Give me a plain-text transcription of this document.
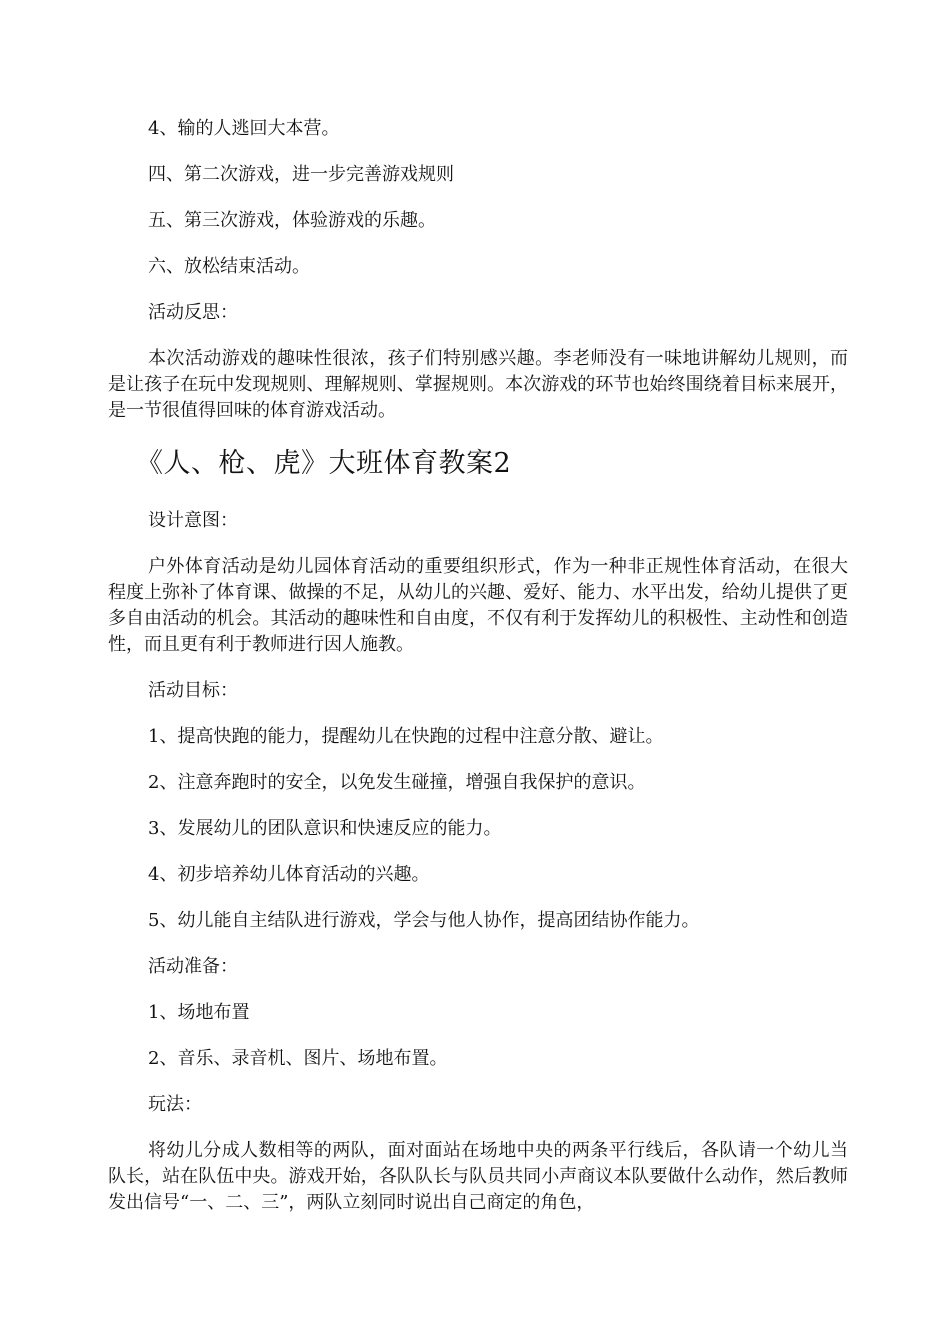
4、输的人逃回大本营。

四、第二次游戏，进一步完善游戏规则

五、第三次游戏，体验游戏的乐趣。

六、放松结束活动。

活动反思：

本次活动游戏的趣味性很浓，孩子们特别感兴趣。李老师没有一味地讲解幼儿规则，而是让孩子在玩中发现规则、理解规则、掌握规则。本次游戏的环节也始终围绕着目标来展开，是一节很值得回味的体育游戏活动。

《人、枪、虎》大班体育教案2

设计意图：

户外体育活动是幼儿园体育活动的重要组织形式，作为一种非正规性体育活动，在很大程度上弥补了体育课、做操的不足，从幼儿的兴趣、爱好、能力、水平出发，给幼儿提供了更多自由活动的机会。其活动的趣味性和自由度，不仅有利于发挥幼儿的积极性、主动性和创造性，而且更有利于教师进行因人施教。

活动目标：

1、提高快跑的能力，提醒幼儿在快跑的过程中注意分散、避让。

2、注意奔跑时的安全，以免发生碰撞，增强自我保护的意识。

3、发展幼儿的团队意识和快速反应的能力。

4、初步培养幼儿体育活动的兴趣。

5、幼儿能自主结队进行游戏，学会与他人协作，提高团结协作能力。

活动准备：

1、场地布置

2、音乐、录音机、图片、场地布置。

玩法：

将幼儿分成人数相等的两队，面对面站在场地中央的两条平行线后，各队请一个幼儿当队长，站在队伍中央。游戏开始，各队队长与队员共同小声商议本队要做什么动作，然后教师发出信号“一、二、三”，两队立刻同时说出自己商定的角色，
